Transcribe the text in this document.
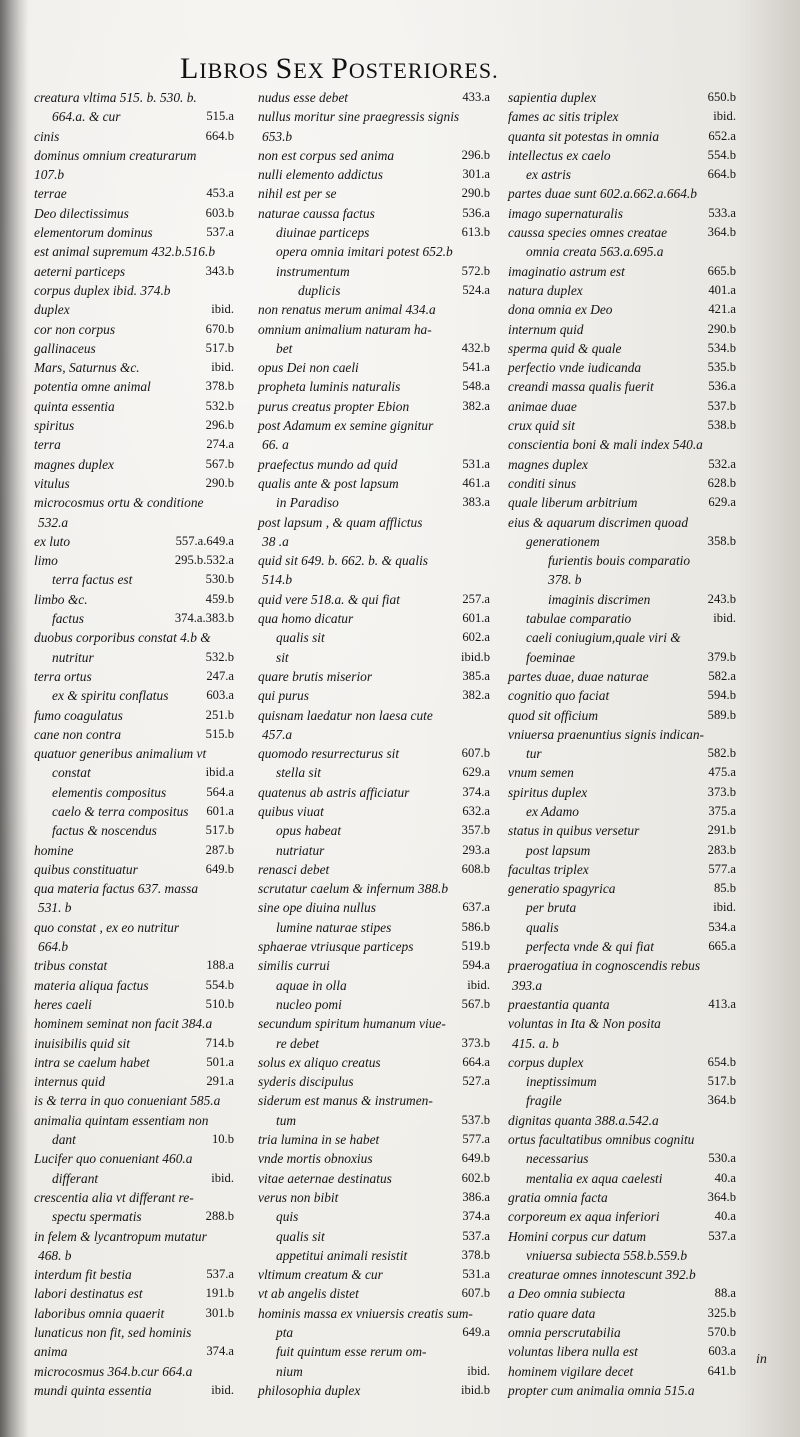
LIBROS SEX POSTERIORES.
creatura vltima 515. b. 530. b.
664.a. & cur	515.a
cinis	664.b
dominus omnium creaturarum
107.b
terrae	453.a
Deo dilectissimus	603.b
elementorum dominus	537.a
est animal supremum 432.b.516.b
aeterni particeps	343.b
corpus duplex ibid. 374.b
duplex	ibid.
cor non corpus	670.b
gallinaceus	517.b
Mars, Saturnus &c.	ibid.
potentia omne animal	378.b
quinta essentia	532.b
spiritus	296.b
terra	274.a
magnes duplex	567.b
vitulus	290.b
microcosmus ortu & conditione
532.a
ex luto	557.a.649.a
limo	295.b.532.a
terra factus est	530.b
limbo &c.	459.b
factus	374.a.383.b
duobus corporibus constat 4.b &
nutritur	532.b
terra ortus	247.a
ex & spiritu conflatus	603.a
fumo coagulatus	251.b
cane non contra	515.b
quatuor generibus animalium vt
constat	ibid.a
elementis compositus	564.a
caelo & terra compositus 601.a
factus & noscendus	517.b
homine	287.b
quibus constituatur	649.b
qua materia factus 637. massa
531. b
quo constat , ex eo nutritur
664.b
tribus constat	188.a
materia aliqua factus	554.b
heres caeli	510.b
hominem seminat non facit 384.a
inuisibilis quid sit	714.b
intra se caelum habet	501.a
internus quid	291.a
is & terra in quo conueniant 585.a
animalia quintam essentiam non
dant	10.b
Lucifer quo conueniant 460.a
differant	ibid.
crescentia alia vt differant re-
spectu spermatis	288.b
in felem & lycantropum mutatur
468. b
interdum fit bestia	537.a
labori destinatus est	191.b
laboribus omnia quaerit	301.b
lunaticus non fit, sed hominis
anima	374.a
microcosmus 364.b.cur 664.a
mundi quinta essentia	ibid.
nudus esse debet	433.a
nullus moritur sine praegressis signis
653.b
non est corpus sed anima	296.b
nulli elemento addictus	301.a
nihil est per se	290.b
naturae caussa factus	536.a
diuinae particeps	613.b
opera omnia imitari potest 652.b
instrumentum	572.b
duplicis	524.a
non renatus merum animal 434.a
omnium animalium naturam ha-
bet	432.b
opus Dei non caeli	541.a
propheta luminis naturalis	548.a
purus creatus propter Ebion	382.a
post Adamum ex semine gignitur
66. a
praefectus mundo ad quid	531.a
qualis ante & post lapsum	461.a
in Paradiso	383.a
post lapsum , & quam afflictus
38 .a
quid sit 649. b. 662. b. & qualis
514.b
quid vere 518.a. & qui fiat	257.a
qua homo dicatur	601.a
qualis sit	602.a
sit	ibid.b
quare brutis miserior	385.a
qui purus	382.a
quisnam laedatur non laesa cute
457.a
quomodo resurrecturus sit	607.b
stella sit	629.a
quatenus ab astris afficiatur	374.a
quibus viuat	632.a
opus habeat	357.b
nutriatur	293.a
renasci debet	608.b
scrutatur caelum & infernum 388.b
sine ope diuina nullus	637.a
lumine naturae stipes	586.b
sphaerae vtriusque particeps	519.b
similis currui	594.a
aquae in olla	ibid.
nucleo pomi	567.b
secundum spiritum humanum viue-
re debet	373.b
solus ex aliquo creatus	664.a
syderis discipulus	527.a
siderum est manus & instrumen-
tum	537.b
tria lumina in se habet	577.a
vnde mortis obnoxius	649.b
vitae aeternae destinatus	602.b
verus non bibit	386.a
quis	374.a
qualis sit	537.a
appetitui animali resistit	378.b
vltimum creatum & cur	531.a
vt ab angelis distet	607.b
hominis massa ex vniuersis creatis sum-
pta	649.a
fuit quintum esse rerum om-
nium	ibid.
philosophia duplex	ibid.b
sapientia duplex	650.b
fames ac sitis triplex	ibid.
quanta sit potestas in omnia	652.a
intellectus ex caelo	554.b
ex astris	664.b
partes duae sunt 602.a.662.a.664.b
imago supernaturalis	533.a
caussa species omnes creatae	364.b
omnia creata 563.a.695.a
imaginatio astrum est	665.b
natura duplex	401.a
dona omnia ex Deo	421.a
internum quid	290.b
sperma quid & quale	534.b
perfectio vnde iudicanda	535.b
creandi massa qualis fuerit	536.a
animae duae	537.b
crux quid sit	538.b
conscientia boni & mali index 540.a
magnes duplex	532.a
conditi sinus	628.b
quale liberum arbitrium	629.a
eius & aquarum discrimen quoad
generationem	358.b
furientis bouis comparatio
378. b
imaginis discrimen	243.b
tabulae comparatio	ibid.
caeli coniugium,quale viri &
foeminae	379.b
partes duae, duae naturae	582.a
cognitio quo faciat	594.b
quod sit officium	589.b
vniuersa praenuntius signis indican-
tur	582.b
vnum semen	475.a
spiritus duplex	373.b
ex Adamo	375.a
status in quibus versetur	291.b
post lapsum	283.b
facultas triplex	577.a
generatio spagyrica	85.b
per bruta	ibid.
qualis	534.a
perfecta vnde & qui fiat	665.a
praerogatiua in cognoscendis rebus
393.a
praestantia quanta	413.a
voluntas in Ita & Non posita
415. a. b
corpus duplex	654.b
ineptissimum	517.b
fragile	364.b
dignitas quanta 388.a.542.a
ortus facultatibus omnibus cognitu
necessarius	530.a
mentalia ex aqua caelesti	40.a
gratia omnia facta	364.b
corporeum ex aqua inferiori	40.a
Homini corpus cur datum	537.a
vniuersa subiecta 558.b.559.b
creaturae omnes innotescunt 392.b
a Deo omnia subiecta	88.a
ratio quare data	325.b
omnia perscrutabilia	570.b
voluntas libera nulla est	603.a
hominem vigilare decet	641.b
propter cum animalia omnia 515.a
in
